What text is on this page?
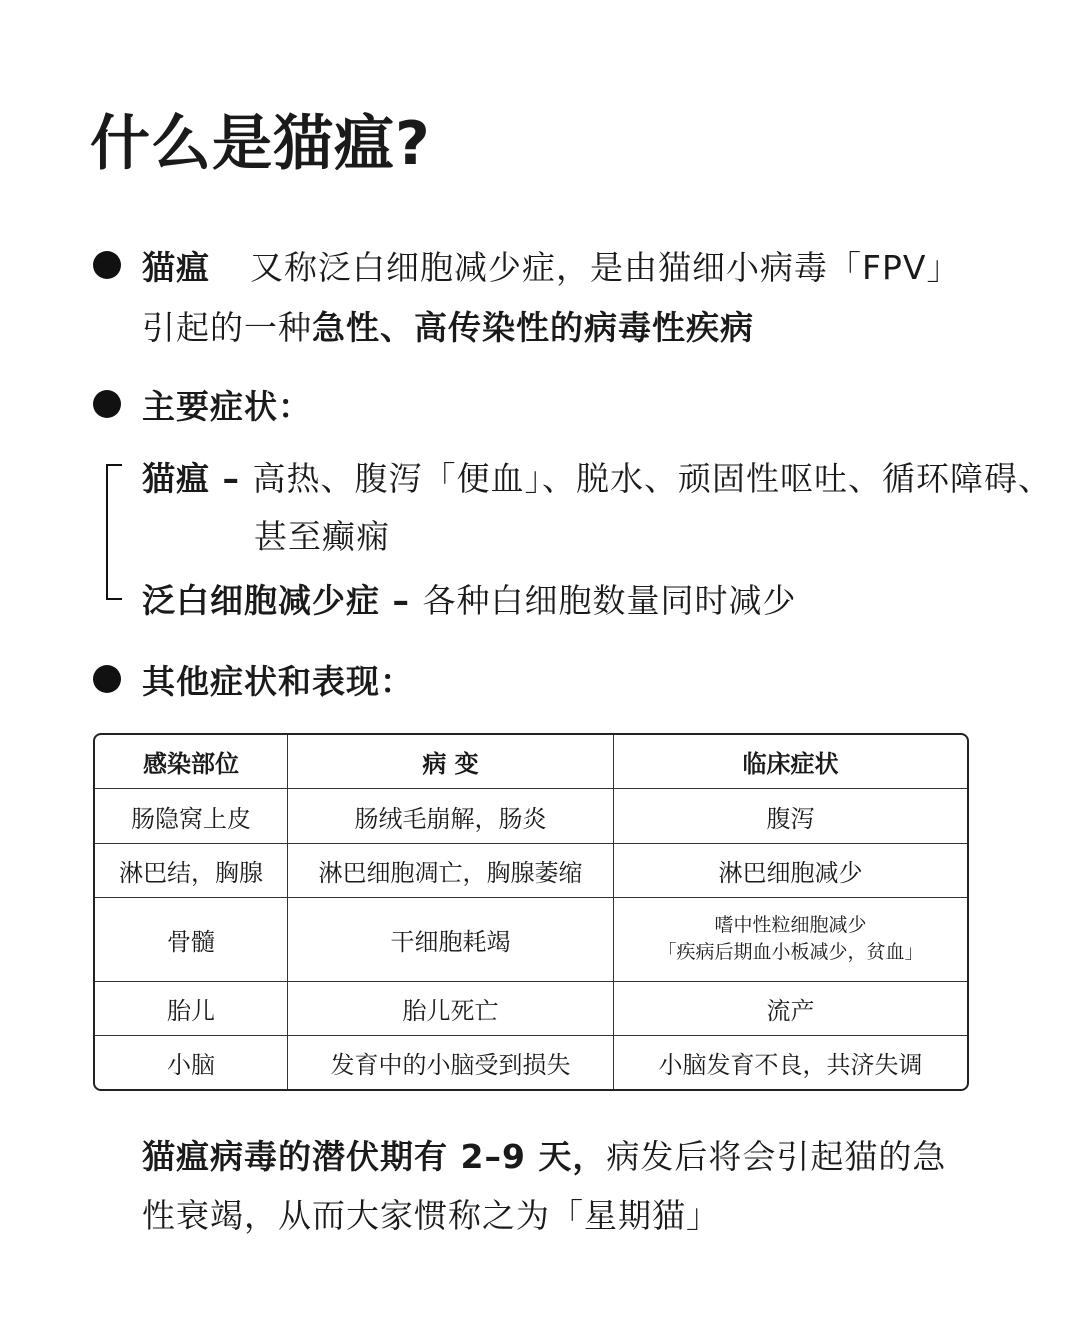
什么是猫瘟?
猫瘟 又称泛白细胞减少症，是由猫细小病毒「FPV」
引起的一种急性、高传染性的病毒性疾病
主要症状：
猫瘟 – 高热、腹泻「便血」、脱水、顽固性呕吐、循环障碍、
甚至癫痫
泛白细胞减少症 – 各种白细胞数量同时减少
其他症状和表现：
感染部位	病 变	临床症状
肠隐窝上皮	肠绒毛崩解，肠炎	腹泻
淋巴结，胸腺	淋巴细胞凋亡，胸腺萎缩	淋巴细胞减少
骨髓	干细胞耗竭	嗜中性粒细胞减少
「疾病后期血小板减少，贫血」

胎儿	胎儿死亡	流产
小脑	发育中的小脑受到损失	小脑发育不良，共济失调
猫瘟病毒的潜伏期有 2–9 天，病发后将会引起猫的急
性衰竭，从而大家惯称之为「星期猫」
